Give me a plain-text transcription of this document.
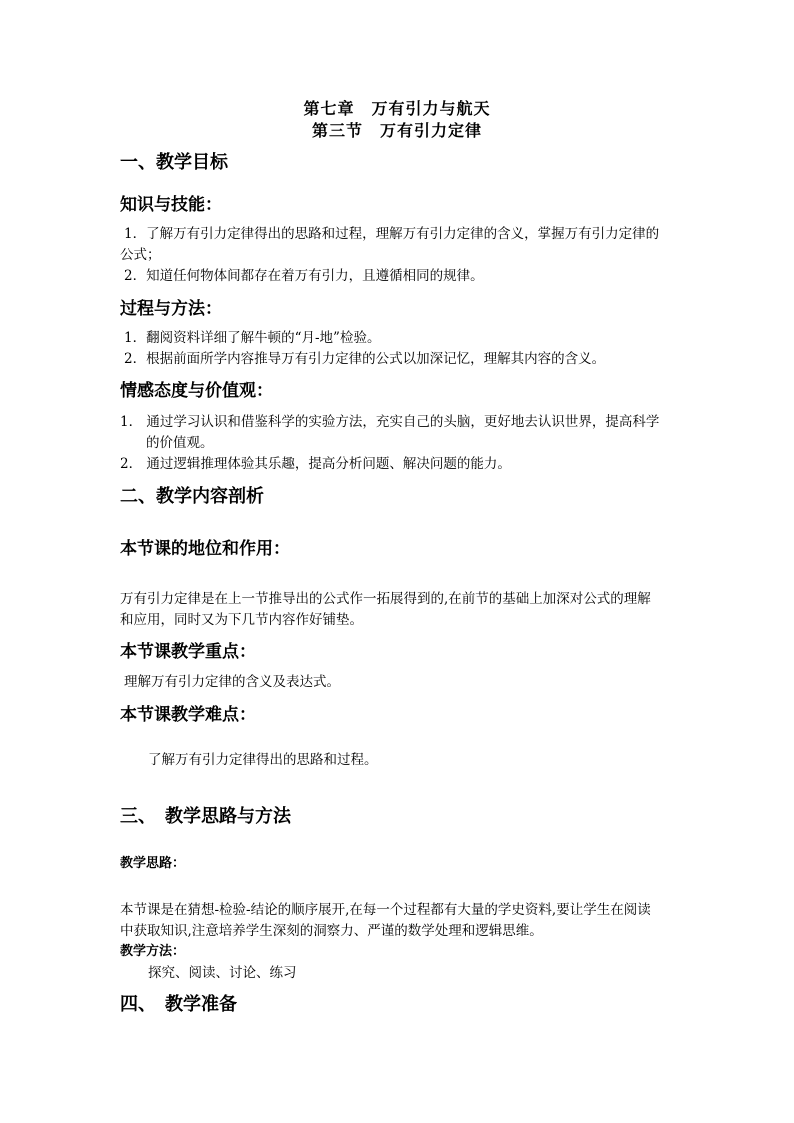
第七章　万有引力与航天
第三节　万有引力定律
一、教学目标
知识与技能：
1．了解万有引力定律得出的思路和过程，理解万有引力定律的含义，掌握万有引力定律的
公式；
2．知道任何物体间都存在着万有引力，且遵循相同的规律。
过程与方法：
1．翻阅资料详细了解牛顿的“月-地”检验。
2．根据前面所学内容推导万有引力定律的公式以加深记忆，理解其内容的含义。
情感态度与价值观：
1． 通过学习认识和借鉴科学的实验方法，充实自己的头脑，更好地去认识世界，提高科学
的价值观。
2． 通过逻辑推理体验其乐趣，提高分析问题、解决问题的能力。
二、教学内容剖析
本节课的地位和作用：
万有引力定律是在上一节推导出的公式作一拓展得到的,在前节的基础上加深对公式的理解
和应用，同时又为下几节内容作好铺垫。
本节课教学重点：
理解万有引力定律的含义及表达式。
本节课教学难点：
了解万有引力定律得出的思路和过程。
三、　教学思路与方法
教学思路：
本节课是在猜想-检验-结论的顺序展开,在每一个过程都有大量的学史资料,要让学生在阅读
中获取知识,注意培养学生深刻的洞察力、严谨的数学处理和逻辑思维。
教学方法：
探究、阅读、讨论、练习
四、　教学准备
